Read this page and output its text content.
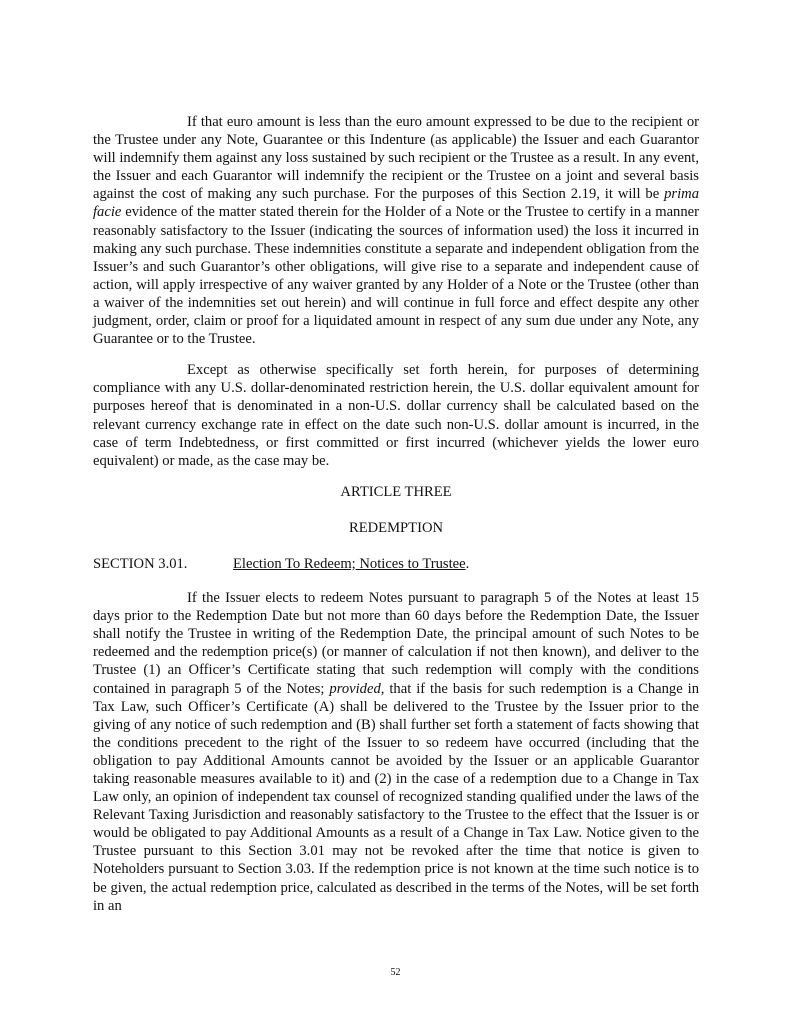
If that euro amount is less than the euro amount expressed to be due to the recipient or the Trustee under any Note, Guarantee or this Indenture (as applicable) the Issuer and each Guarantor will indemnify them against any loss sustained by such recipient or the Trustee as a result. In any event, the Issuer and each Guarantor will indemnify the recipient or the Trustee on a joint and several basis against the cost of making any such purchase. For the purposes of this Section 2.19, it will be prima facie evidence of the matter stated therein for the Holder of a Note or the Trustee to certify in a manner reasonably satisfactory to the Issuer (indicating the sources of information used) the loss it incurred in making any such purchase. These indemnities constitute a separate and independent obligation from the Issuer’s and such Guarantor’s other obligations, will give rise to a separate and independent cause of action, will apply irrespective of any waiver granted by any Holder of a Note or the Trustee (other than a waiver of the indemnities set out herein) and will continue in full force and effect despite any other judgment, order, claim or proof for a liquidated amount in respect of any sum due under any Note, any Guarantee or to the Trustee.

Except as otherwise specifically set forth herein, for purposes of determining compliance with any U.S. dollar-denominated restriction herein, the U.S. dollar equivalent amount for purposes hereof that is denominated in a non-U.S. dollar currency shall be calculated based on the relevant currency exchange rate in effect on the date such non-U.S. dollar amount is incurred, in the case of term Indebtedness, or first committed or first incurred (whichever yields the lower euro equivalent) or made, as the case may be.

ARTICLE THREE

REDEMPTION

SECTION 3.01.	Election To Redeem; Notices to Trustee.

If the Issuer elects to redeem Notes pursuant to paragraph 5 of the Notes at least 15 days prior to the Redemption Date but not more than 60 days before the Redemption Date, the Issuer shall notify the Trustee in writing of the Redemption Date, the principal amount of such Notes to be redeemed and the redemption price(s) (or manner of calculation if not then known), and deliver to the Trustee (1) an Officer’s Certificate stating that such redemption will comply with the conditions contained in paragraph 5 of the Notes; provided, that if the basis for such redemption is a Change in Tax Law, such Officer’s Certificate (A) shall be delivered to the Trustee by the Issuer prior to the giving of any notice of such redemption and (B) shall further set forth a statement of facts showing that the conditions precedent to the right of the Issuer to so redeem have occurred (including that the obligation to pay Additional Amounts cannot be avoided by the Issuer or an applicable Guarantor taking reasonable measures available to it) and (2) in the case of a redemption due to a Change in Tax Law only, an opinion of independent tax counsel of recognized standing qualified under the laws of the Relevant Taxing Jurisdiction and reasonably satisfactory to the Trustee to the effect that the Issuer is or would be obligated to pay Additional Amounts as a result of a Change in Tax Law. Notice given to the Trustee pursuant to this Section 3.01 may not be revoked after the time that notice is given to Noteholders pursuant to Section 3.03. If the redemption price is not known at the time such notice is to be given, the actual redemption price, calculated as described in the terms of the Notes, will be set forth in an

52
